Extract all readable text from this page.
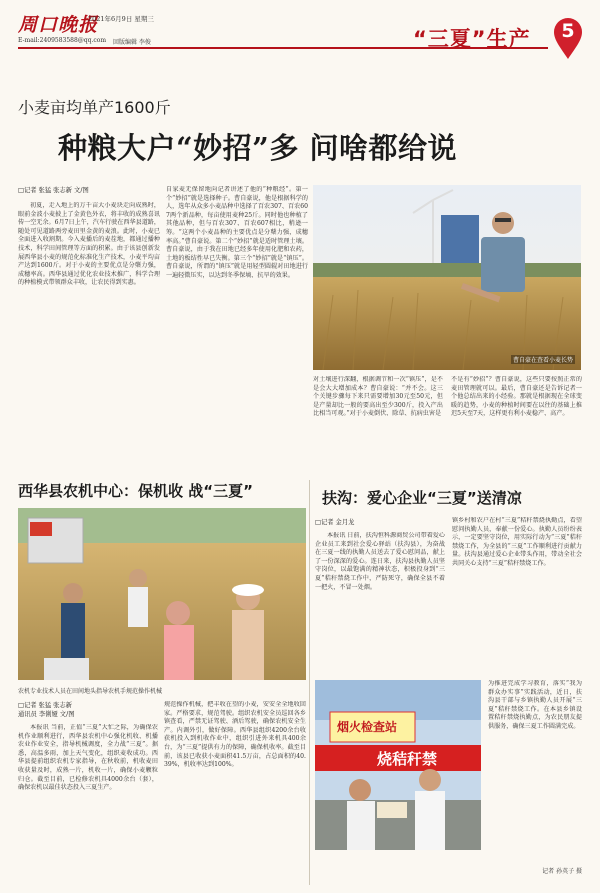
周口晚报
2021年6月9日 星期三
E-mail:2409583588@qq.com 回版编辑 李俊	“三夏”生产	5
小麦亩均单产1600斤
种粮大户“妙招”多 问啥都给说
□记者 张猛 张志新 文/图
初夏，走入地上的万千亩大小麦块走向成熟时，眼前金波小麦披上了金黄色外衣，将丰收的成熟喜讯传一空无余。6月7日上午，汽车行驶在西华县道路，随处可见道路两旁麦田里金黄的麦浪。此时，小麦已全面进入收割期。今入麦播后的麦茬地，都通过播种技术，科学田间管理等方面的积累。由于该县创新发展西华县小麦的规范化标准化生产技术，小麦平均亩产达到1600斤。对于小麦的主要优点是分蘖力强，成穗率高。西华县通过优化农业技术推广，科学合理的种植模式带领群众丰收，让农民得到实惠。
自家麦无保留地向记者讲述了他的“种粮经”。第一个“妙招”就是选择种子。曹自豪说，他是根据科学的人，选年从众多小麦品种中选择了百农307、百农607两个新品种，每亩使用麦种25斤。同时他也种植了其他品种，但与百农307、百农607相比，稍逊一筹。“这两个小麦品种的主要优点是分蘖力强，成穗率高。”曹自豪说。第二个“妙招”就是适时管理土壤。曹自豪说，由于我在田地已经多年使用化肥和农药，土地的板结性早已失衡。第三个“妙招”就是“镇压”。曹自豪说，所谓的“镇压”就是用轻型圆辊对田地进行一遍轻微压实，以达到冬季保墒、抗旱的效果。
曹自豪在查看小麦长势
对土壤进行深翻，根据调节和一次“镇压”，是不是会大大增加成本？曹自豪说：“并不会。这三个关键步骤每下来只需要增加30元至50元，但是产量却比一般的要高出至少300斤，投入产出比相当可观。”对于小麦倒伏、除草、抗病虫害是
不是有“妙招”？曹自豪说，这些只要按照正常的麦田管理就可以。最后，曹自豪还是告诉记者一个他总结出来的小经验。那就是根据现在全球变暖的趋势，小麦的种植时间要在以往的基础上推迟5天至7天，这样更有利小麦稳产、高产。
西华县农机中心：保机收 战“三夏”
农机专业技术人员在田间地头指导农机手规范操作机械
□记者 张猛 张志新
通讯员 李俐娅 文/图
本报讯 当前，正值“三夏”大忙之际，为确保农机作业顺利进行，西华县农机中心强化机收、机播农业作业安全，指导机械调度，全力战“三夏”。据悉，高温多雨，加上天气变化，组织麦收成功。西华县提前组织农机专家指导，在秋收前，机收麦田收获量及时，成熟一片，机收一片，确保小麦颗粒归仓。截至目前，已检修农机具4000余台（套），确保农机以最佳状态投入三夏生产。
规范操作机械，把丰收在望的小麦，安安全全地收回家。严格要求，规范驾驶。组织农机安全员巡回各乡镇查看，严禁无证驾驶、酒后驾驶，确保农机安全生产。内调外引，做好保障。西华县组织4200余台收获机投入到机收作业中，组织引进外来机具400余台，为“三夏”提供有力的保障，确保机收率。截至目前，该县已收获小麦面积41.5万亩，占总面积的40.39%，机收率达到100%。
扶沟：爱心企业“三夏”送清凉
□记者 金月龙
本报讯 日前，扶沟恒科源商贸公司带着爱心企业员工来到社会爱心驿站（扶沟县），为奋战在三夏一线的执勤人员送去了爱心慰问品，献上了一份深深的爱心。连日来，扶沟县执勤人员坚守岗位，以最饱满的精神状态，积极投身到“三夏”秸秆禁烧工作中，严防死守，确保全县不着一把火，不冒一处烟。
镇乡村和农户在村“三夏”秸秆禁烧执勤点，看望慰问执勤人员，奉献一份爱心。执勤人员纷纷表示，一定要坚守岗位，用实际行动为“三夏”秸秆禁烧工作，为全县的“三夏”工作顺利进行贡献力量。扶沟县通过爱心企业带头作用，带动全社会共同关心支持“三夏”秸秆禁烧工作。
烟火检查站
烧秸秆禁
为推进完成学习教育，落实“我为群众办实事”实践活动，近日，扶沟县干部与乡镇执勤人员开展“三夏”秸秆禁烧工作。在本县乡镇设置秸秆禁烧执勤点，为农民朋友提供服务，确保三夏工作圆满完成。
记者 孙英子 摄
